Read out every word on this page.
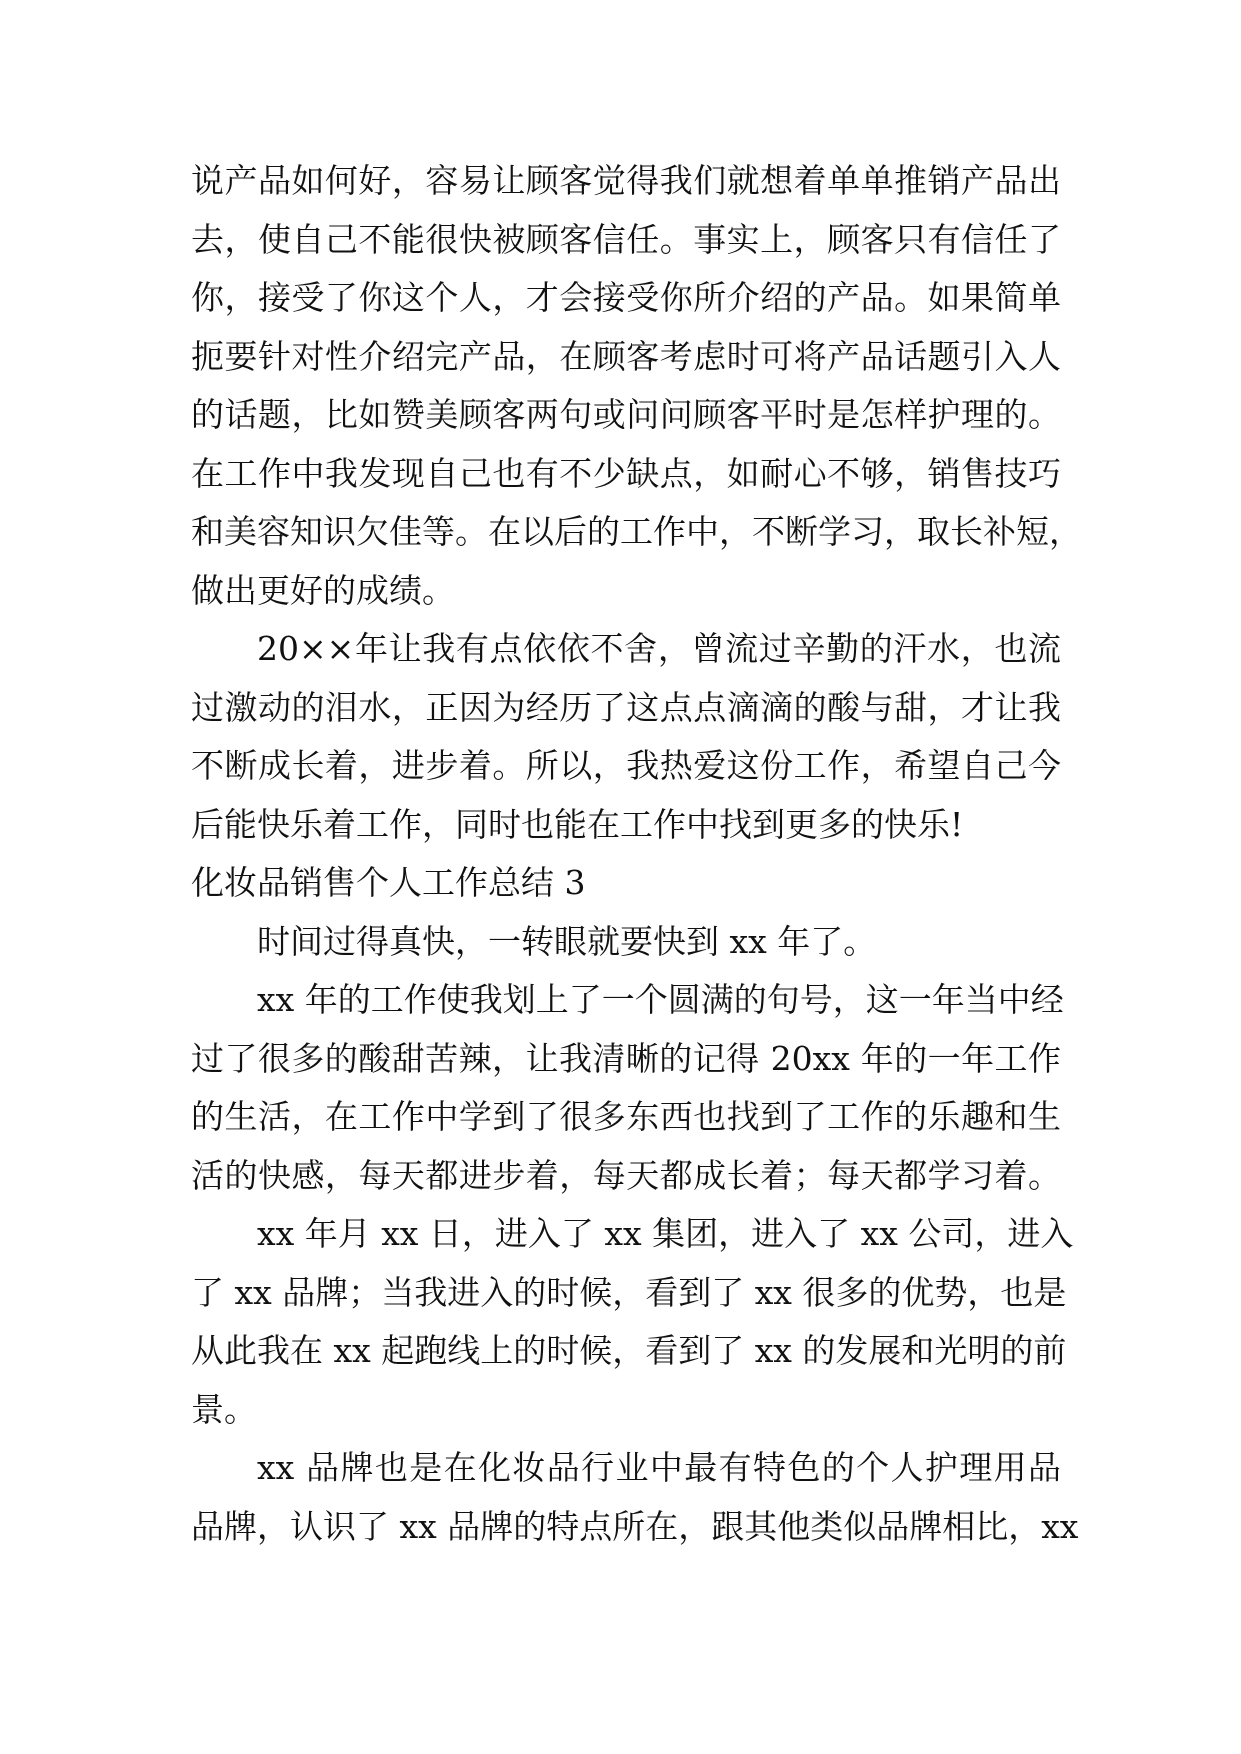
说产品如何好，容易让顾客觉得我们就想着单单推销产品出
去，使自己不能很快被顾客信任。事实上，顾客只有信任了
你，接受了你这个人，才会接受你所介绍的产品。如果简单
扼要针对性介绍完产品，在顾客考虑时可将产品话题引入人
的话题，比如赞美顾客两句或问问顾客平时是怎样护理的。
在工作中我发现自己也有不少缺点，如耐心不够，销售技巧
和美容知识欠佳等。在以后的工作中，不断学习，取长补短，
做出更好的成绩。
20××年让我有点依依不舍，曾流过辛勤的汗水，也流
过激动的泪水，正因为经历了这点点滴滴的酸与甜，才让我
不断成长着，进步着。所以，我热爱这份工作，希望自己今
后能快乐着工作，同时也能在工作中找到更多的快乐!
化妆品销售个人工作总结 3
时间过得真快，一转眼就要快到 xx 年了。
xx 年的工作使我划上了一个圆满的句号，这一年当中经
过了很多的酸甜苦辣，让我清晰的记得 20xx 年的一年工作
的生活，在工作中学到了很多东西也找到了工作的乐趣和生
活的快感，每天都进步着，每天都成长着；每天都学习着。
xx 年月 xx 日，进入了 xx 集团，进入了 xx 公司，进入
了 xx 品牌；当我进入的时候，看到了 xx 很多的优势，也是
从此我在 xx 起跑线上的时候，看到了 xx 的发展和光明的前
景。
xx 品牌也是在化妆品行业中最有特色的个人护理用品
品牌，认识了 xx 品牌的特点所在，跟其他类似品牌相比，xx
